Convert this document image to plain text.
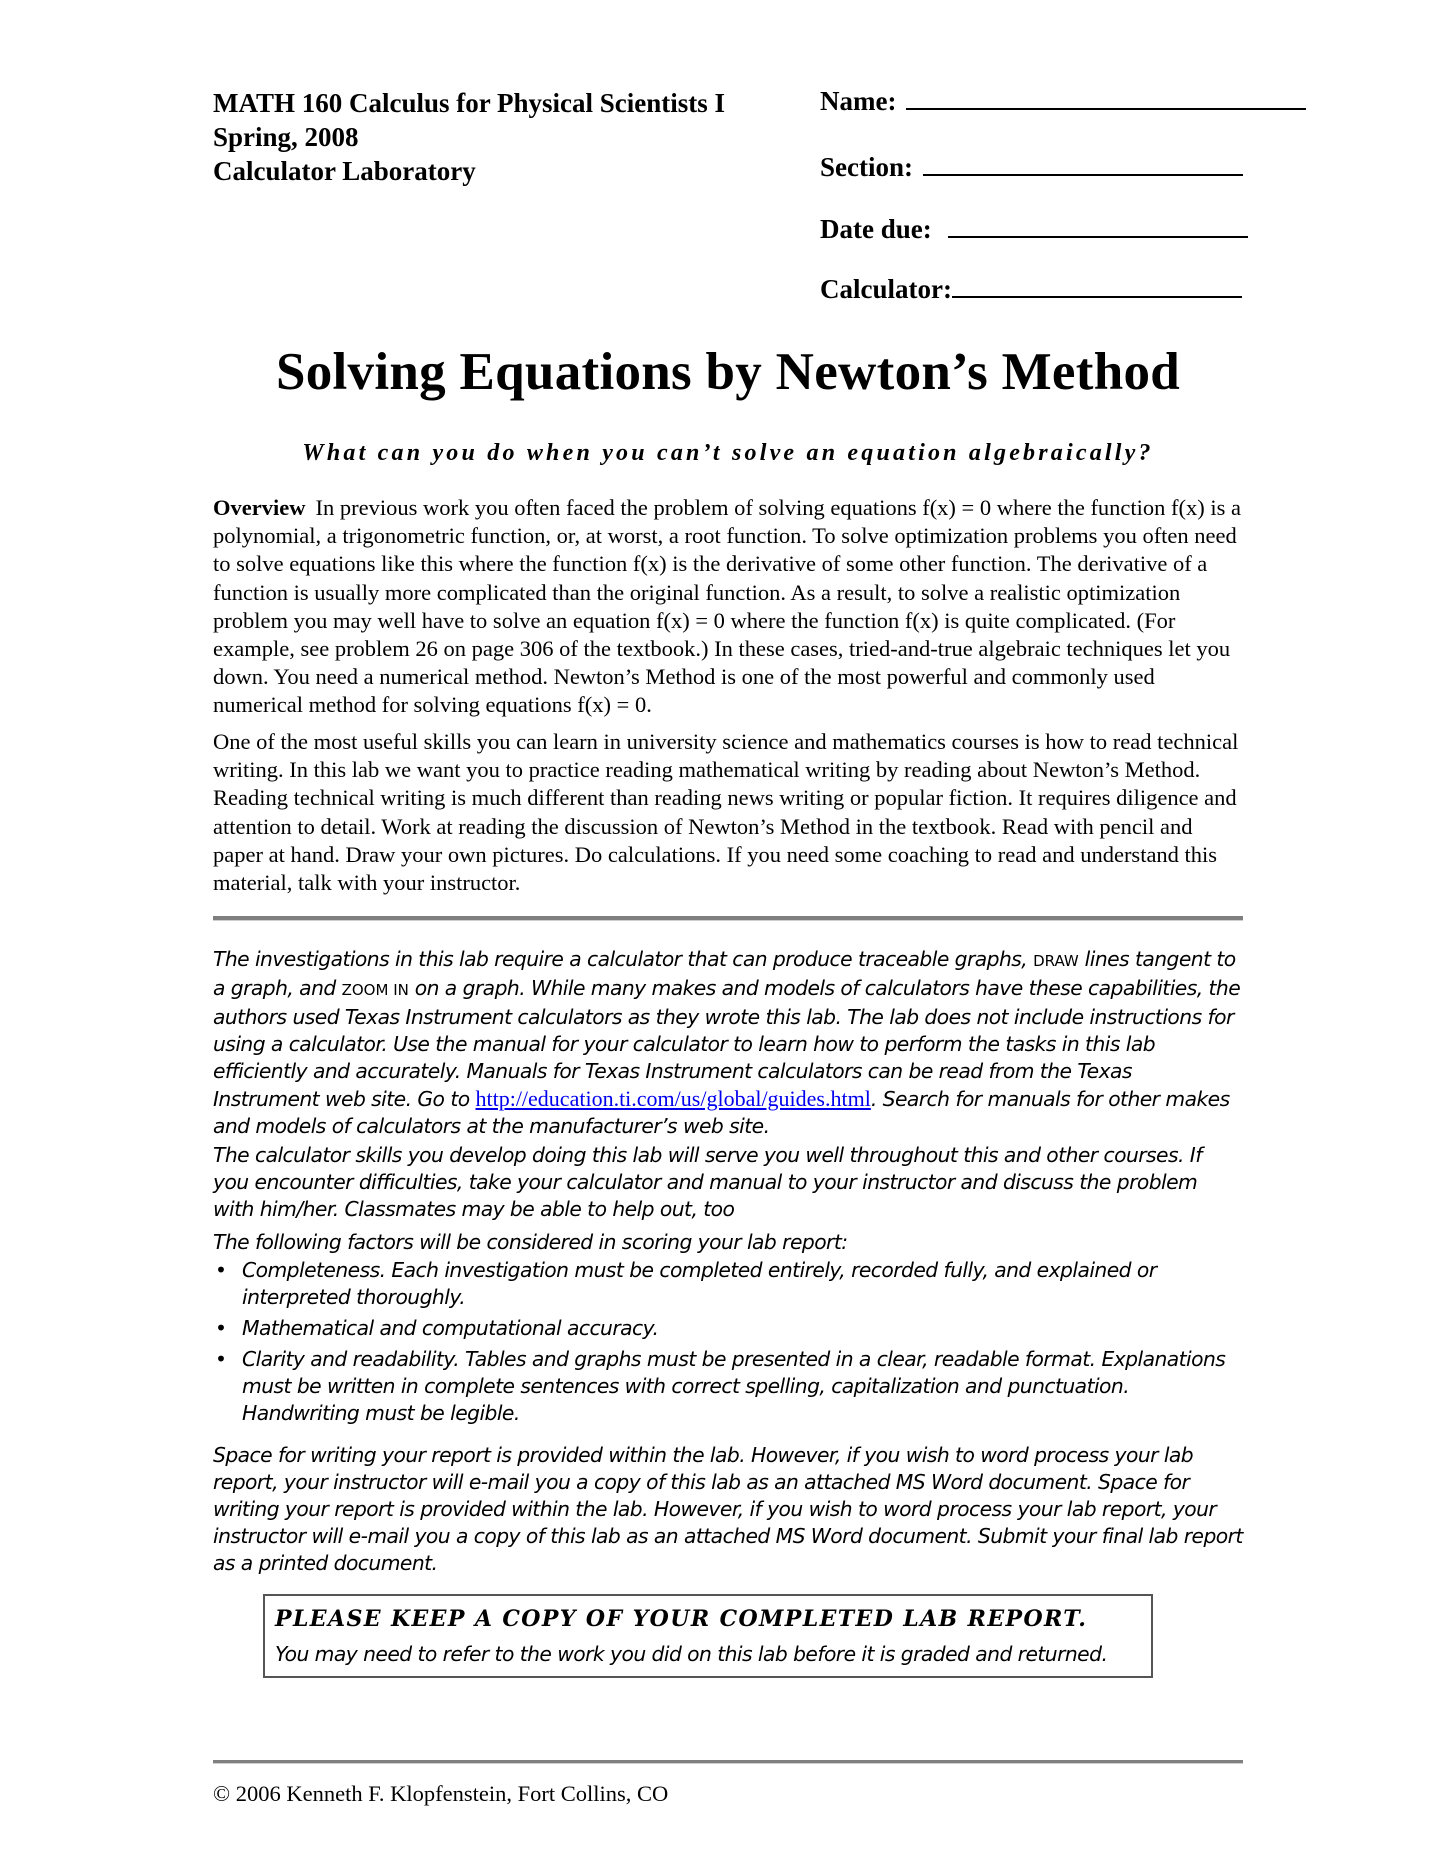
MATH 160 Calculus for Physical Scientists I
Spring, 2008
Calculator Laboratory
Name:
Section:
Date due:
Calculator:
Solving Equations by Newton’s Method
What can you do when you can’t solve an equation algebraically?

Overview In previous work you often faced the problem of solving equations f(x) = 0 where the function f(x) is a polynomial, a trigonometric function, or, at worst, a root function. To solve optimization problems you often need to solve equations like this where the function f(x) is the derivative of some other function. The derivative of a function is usually more complicated than the original function. As a result, to solve a realistic optimization problem you may well have to solve an equation f(x) = 0 where the function f(x) is quite complicated. (For example, see problem 26 on page 306 of the textbook.) In these cases, tried-and-true algebraic techniques let you down. You need a numerical method. Newton’s Method is one of the most powerful and commonly used numerical method for solving equations f(x) = 0.

One of the most useful skills you can learn in university science and mathematics courses is how to read technical writing. In this lab we want you to practice reading mathematical writing by reading about Newton’s Method. Reading technical writing is much different than reading news writing or popular fiction. It requires diligence and attention to detail. Work at reading the discussion of Newton’s Method in the textbook. Read with pencil and paper at hand. Draw your own pictures. Do calculations. If you need some coaching to read and understand this material, talk with your instructor.

The investigations in this lab require a calculator that can produce traceable graphs, DRAW lines tangent to a graph, and ZOOM IN on a graph. While many makes and models of calculators have these capabilities, the authors used Texas Instrument calculators as they wrote this lab. The lab does not include instructions for using a calculator. Use the manual for your calculator to learn how to perform the tasks in this lab efficiently and accurately. Manuals for Texas Instrument calculators can be read from the Texas Instrument web site. Go to http://education.ti.com/us/global/guides.html. Search for manuals for other makes and models of calculators at the manufacturer’s web site.

The calculator skills you develop doing this lab will serve you well throughout this and other courses. If you encounter difficulties, take your calculator and manual to your instructor and discuss the problem with him/her. Classmates may be able to help out, too

The following factors will be considered in scoring your lab report:

• Completeness. Each investigation must be completed entirely, recorded fully, and explained or interpreted thoroughly.
• Mathematical and computational accuracy.
• Clarity and readability. Tables and graphs must be presented in a clear, readable format. Explanations must be written in complete sentences with correct spelling, capitalization and punctuation. Handwriting must be legible.

Space for writing your report is provided within the lab. However, if you wish to word process your lab report, your instructor will e-mail you a copy of this lab as an attached MS Word document. Space for writing your report is provided within the lab. However, if you wish to word process your lab report, your instructor will e-mail you a copy of this lab as an attached MS Word document. Submit your final lab report as a printed document.

PLEASE KEEP A COPY OF YOUR COMPLETED LAB REPORT.
You may need to refer to the work you did on this lab before it is graded and returned.
© 2006 Kenneth F. Klopfenstein, Fort Collins, CO
